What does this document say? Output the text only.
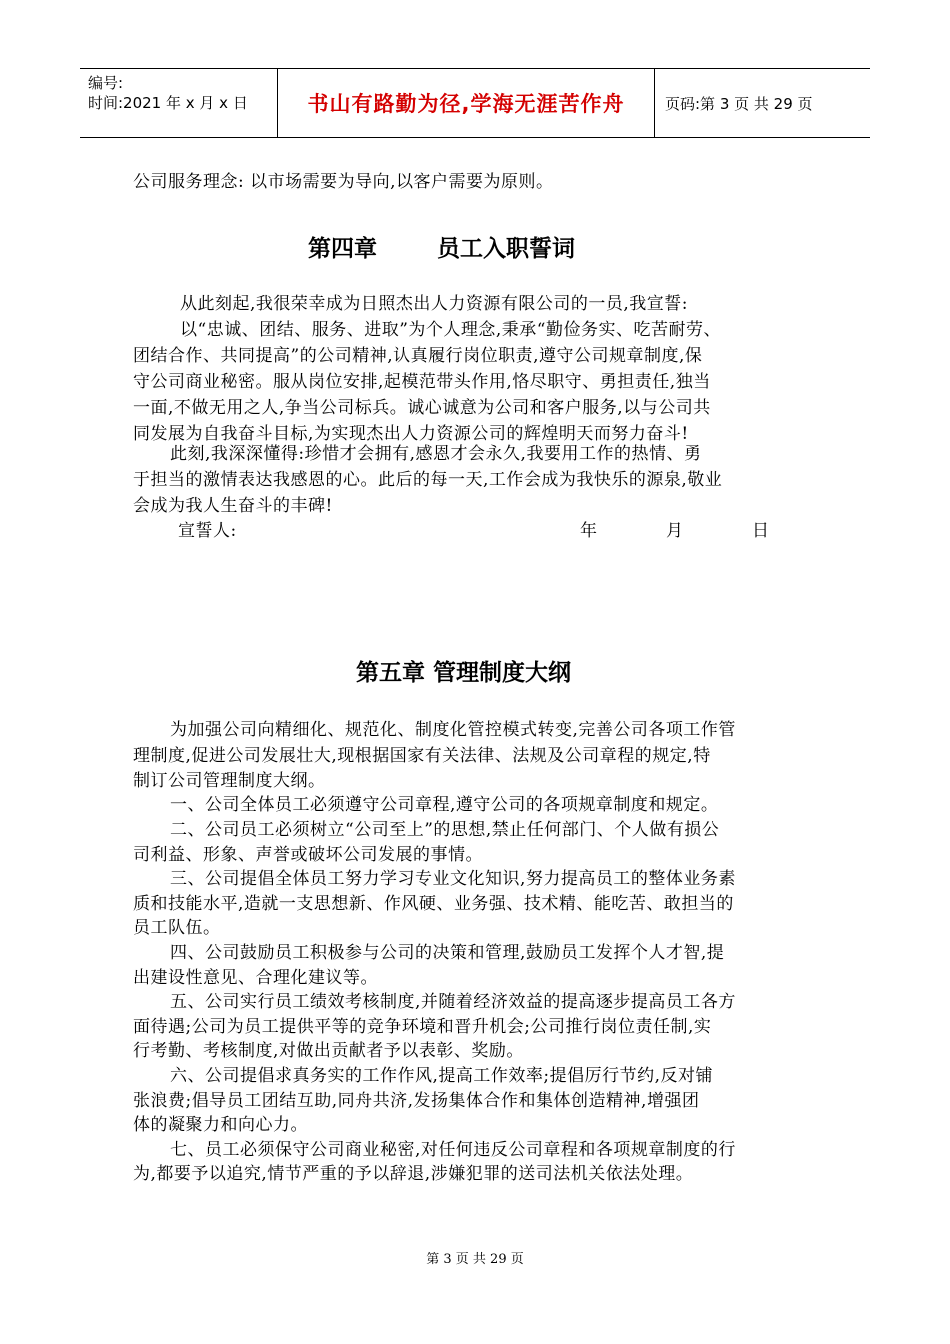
编号:
时间:2021 年 x 月 x 日	书山有路勤为径,学海无涯苦作舟	页码:第 3 页 共 29 页
公司服务理念: 以市场需要为导向,以客户需要为原则。
第四章	员工入职誓词
从此刻起,我很荣幸成为日照杰出人力资源有限公司的一员,我宣誓:
以“忠诚、团结、服务、进取”为个人理念,秉承“勤俭务实、吃苦耐劳、
团结合作、共同提高”的公司精神,认真履行岗位职责,遵守公司规章制度,保
守公司商业秘密。服从岗位安排,起模范带头作用,恪尽职守、勇担责任,独当
一面,不做无用之人,争当公司标兵。诚心诚意为公司和客户服务,以与公司共
同发展为自我奋斗目标,为实现杰出人力资源公司的辉煌明天而努力奋斗!
此刻,我深深懂得:珍惜才会拥有,感恩才会永久,我要用工作的热情、勇
于担当的激情表达我感恩的心。此后的每一天,工作会成为我快乐的源泉,敬业
会成为我人生奋斗的丰碑!
宣誓人:	年	月	日
第五章 管理制度大纲
为加强公司向精细化、规范化、制度化管控模式转变,完善公司各项工作管
理制度,促进公司发展壮大,现根据国家有关法律、法规及公司章程的规定,特
制订公司管理制度大纲。
一、公司全体员工必须遵守公司章程,遵守公司的各项规章制度和规定。
二、公司员工必须树立“公司至上”的思想,禁止任何部门、个人做有损公
司利益、形象、声誉或破坏公司发展的事情。
三、公司提倡全体员工努力学习专业文化知识,努力提高员工的整体业务素
质和技能水平,造就一支思想新、作风硬、业务强、技术精、能吃苦、敢担当的
员工队伍。
四、公司鼓励员工积极参与公司的决策和管理,鼓励员工发挥个人才智,提
出建设性意见、合理化建议等。
五、公司实行员工绩效考核制度,并随着经济效益的提高逐步提高员工各方
面待遇;公司为员工提供平等的竞争环境和晋升机会;公司推行岗位责任制,实
行考勤、考核制度,对做出贡献者予以表彰、奖励。
六、公司提倡求真务实的工作作风,提高工作效率;提倡厉行节约,反对铺
张浪费;倡导员工团结互助,同舟共济,发扬集体合作和集体创造精神,增强团
体的凝聚力和向心力。
七、员工必须保守公司商业秘密,对任何违反公司章程和各项规章制度的行
为,都要予以追究,情节严重的予以辞退,涉嫌犯罪的送司法机关依法处理。
第 3 页 共 29 页
